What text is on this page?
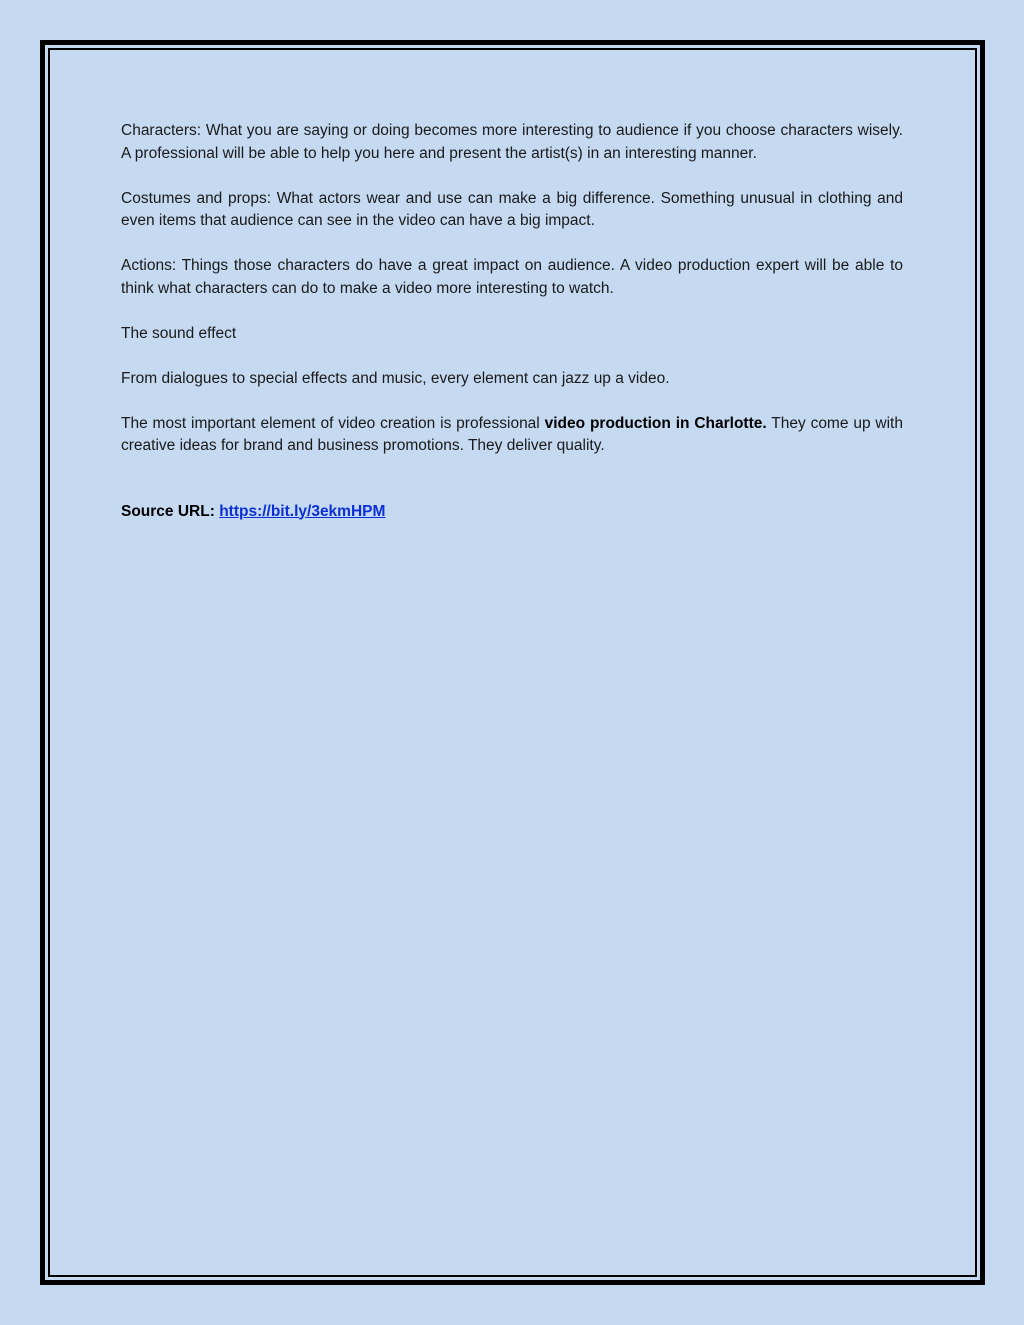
Characters: What you are saying or doing becomes more interesting to audience if you choose characters wisely. A professional will be able to help you here and present the artist(s) in an interesting manner.

Costumes and props: What actors wear and use can make a big difference. Something unusual in clothing and even items that audience can see in the video can have a big impact.

Actions: Things those characters do have a great impact on audience. A video production expert will be able to think what characters can do to make a video more interesting to watch.

The sound effect

From dialogues to special effects and music, every element can jazz up a video.

The most important element of video creation is professional video production in Charlotte. They come up with creative ideas for brand and business promotions. They deliver quality.

Source URL: https://bit.ly/3ekmHPM
